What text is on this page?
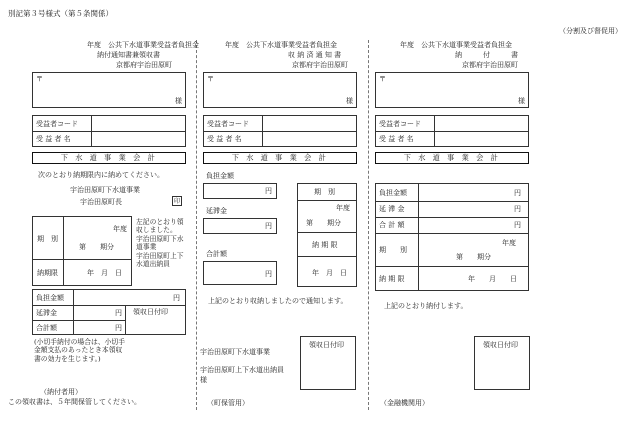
別記第３号様式（第５条関係）
（分割及び督促用）
年度　公共下水道事業受益者負担金
納付通知書兼領収書
京都府宇治田原町
〒
様
受益者コード
受 益 者 名
下 水 道 事 業 会 計
次のとおり納期限内に納めてください。
宇治田原町下水道事業
宇治田原町長	印
期　別
年度
第　　期分
納期限	年　月　日
左記のとおり領収しました。
宇治田原町下水道事業
宇治田原町上下水道出納員
負担金額	円
延滞金	円
合計額	円
領収日付印
(小切手納付の場合は、小切手金額支払のあったとき本領収書の効力を生じます。)
（納付者用）
この領収書は、５年間保管してください。
年度　公共下水道事業受益者負担金
収 納 済 通 知 書
京都府宇治田原町
〒
様
受益者コード
受 益 者 名
下 水 道 事 業 会 計
負担金額
円
延滞金
円
合計額
円
期　別
年度
第　　期分
納 期 限
年　月　日
上記のとおり収納しましたので通知します。
領収日付印
宇治田原町下水道事業
宇治田原町上下水道出納員
様
（町保管用）
年度　公共下水道事業受益者負担金
納　　　付　　　書
京都府宇治田原町
〒
様
受益者コード
受 益 者 名
下 水 道 事 業 会 計
負担金額	円
延 滞 金	円
合 計 額	円
期　　別
年度
第　　期分
納 期 限	年　　月　　日
上記のとおり納付します。
領収日付印
（金融機関用）
